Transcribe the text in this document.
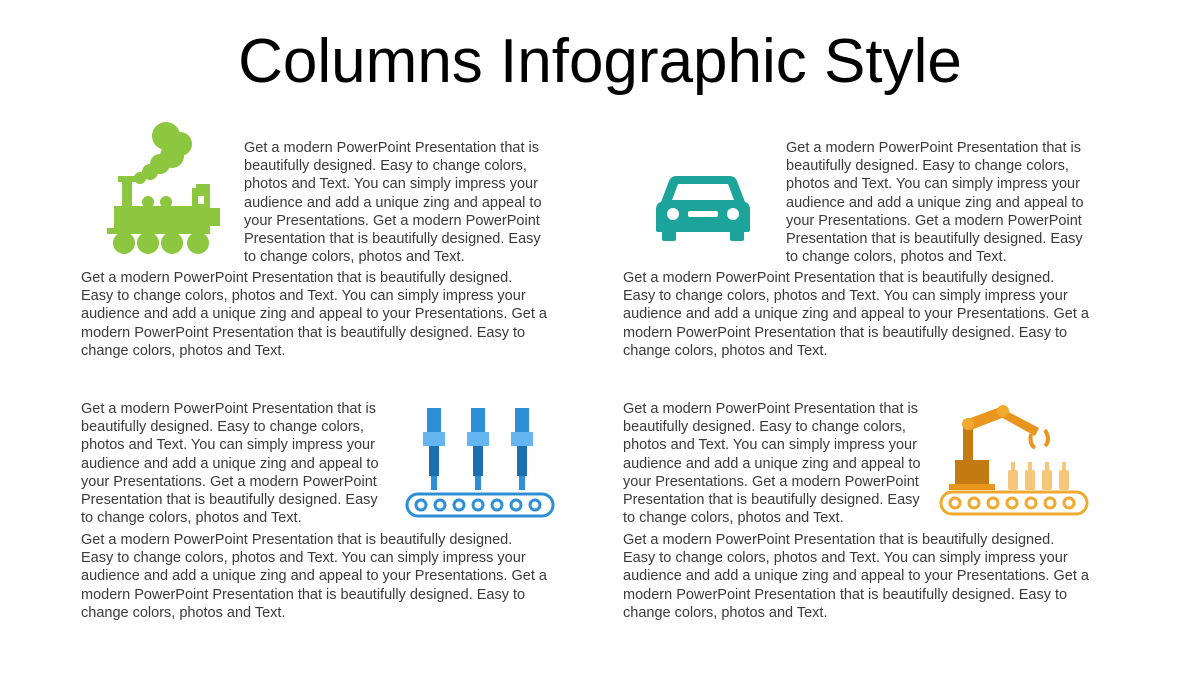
Columns Infographic Style

Get a modern PowerPoint Presentation that is
beautifully designed. Easy to change colors,
photos and Text. You can simply impress your
audience and add a unique zing and appeal to
your Presentations. Get a modern PowerPoint
Presentation that is beautifully designed. Easy
to change colors, photos and Text.

Get a modern PowerPoint Presentation that is beautifully designed.
Easy to change colors, photos and Text. You can simply impress your
audience and add a unique zing and appeal to your Presentations. Get a
modern PowerPoint Presentation that is beautifully designed. Easy to
change colors, photos and Text.

Get a modern PowerPoint Presentation that is
beautifully designed. Easy to change colors,
photos and Text. You can simply impress your
audience and add a unique zing and appeal to
your Presentations. Get a modern PowerPoint
Presentation that is beautifully designed. Easy
to change colors, photos and Text.

Get a modern PowerPoint Presentation that is beautifully designed.
Easy to change colors, photos and Text. You can simply impress your
audience and add a unique zing and appeal to your Presentations. Get a
modern PowerPoint Presentation that is beautifully designed. Easy to
change colors, photos and Text.

Get a modern PowerPoint Presentation that is
beautifully designed. Easy to change colors,
photos and Text. You can simply impress your
audience and add a unique zing and appeal to
your Presentations. Get a modern PowerPoint
Presentation that is beautifully designed. Easy
to change colors, photos and Text.

Get a modern PowerPoint Presentation that is beautifully designed.
Easy to change colors, photos and Text. You can simply impress your
audience and add a unique zing and appeal to your Presentations. Get a
modern PowerPoint Presentation that is beautifully designed. Easy to
change colors, photos and Text.

Get a modern PowerPoint Presentation that is
beautifully designed. Easy to change colors,
photos and Text. You can simply impress your
audience and add a unique zing and appeal to
your Presentations. Get a modern PowerPoint
Presentation that is beautifully designed. Easy
to change colors, photos and Text.

Get a modern PowerPoint Presentation that is beautifully designed.
Easy to change colors, photos and Text. You can simply impress your
audience and add a unique zing and appeal to your Presentations. Get a
modern PowerPoint Presentation that is beautifully designed. Easy to
change colors, photos and Text.
